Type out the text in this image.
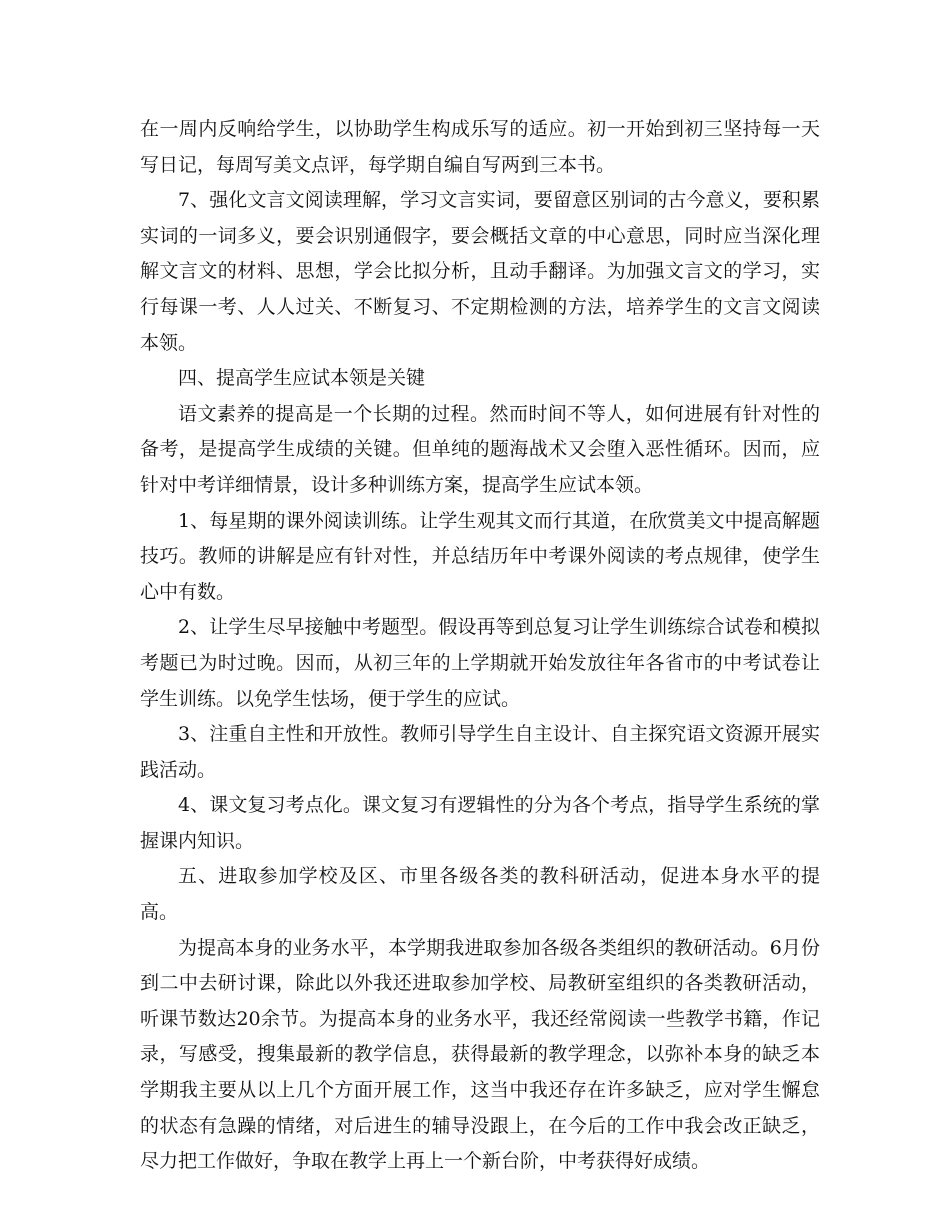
在一周内反响给学生，以协助学生构成乐写的适应。初一开始到初三坚持每一天写日记，每周写美文点评，每学期自编自写两到三本书。

7、强化文言文阅读理解，学习文言实词，要留意区别词的古今意义，要积累实词的一词多义，要会识别通假字，要会概括文章的中心意思，同时应当深化理解文言文的材料、思想，学会比拟分析，且动手翻译。为加强文言文的学习，实行每课一考、人人过关、不断复习、不定期检测的方法，培养学生的文言文阅读本领。

四、提高学生应试本领是关键

语文素养的提高是一个长期的过程。然而时间不等人，如何进展有针对性的备考，是提高学生成绩的关键。但单纯的题海战术又会堕入恶性循环。因而，应针对中考详细情景，设计多种训练方案，提高学生应试本领。

1、每星期的课外阅读训练。让学生观其文而行其道，在欣赏美文中提高解题技巧。教师的讲解是应有针对性，并总结历年中考课外阅读的考点规律，使学生心中有数。

2、让学生尽早接触中考题型。假设再等到总复习让学生训练综合试卷和模拟考题已为时过晚。因而，从初三年的上学期就开始发放往年各省市的中考试卷让学生训练。以免学生怯场，便于学生的应试。

3、注重自主性和开放性。教师引导学生自主设计、自主探究语文资源开展实践活动。

4、课文复习考点化。课文复习有逻辑性的分为各个考点，指导学生系统的掌握课内知识。

五、进取参加学校及区、市里各级各类的教科研活动，促进本身水平的提高。

为提高本身的业务水平，本学期我进取参加各级各类组织的教研活动。6月份到二中去研讨课，除此以外我还进取参加学校、局教研室组织的各类教研活动，听课节数达20余节。为提高本身的业务水平，我还经常阅读一些教学书籍，作记录，写感受，搜集最新的教学信息，获得最新的教学理念，以弥补本身的缺乏本学期我主要从以上几个方面开展工作，这当中我还存在许多缺乏，应对学生懈怠的状态有急躁的情绪，对后进生的辅导没跟上，在今后的工作中我会改正缺乏，尽力把工作做好，争取在教学上再上一个新台阶，中考获得好成绩。
